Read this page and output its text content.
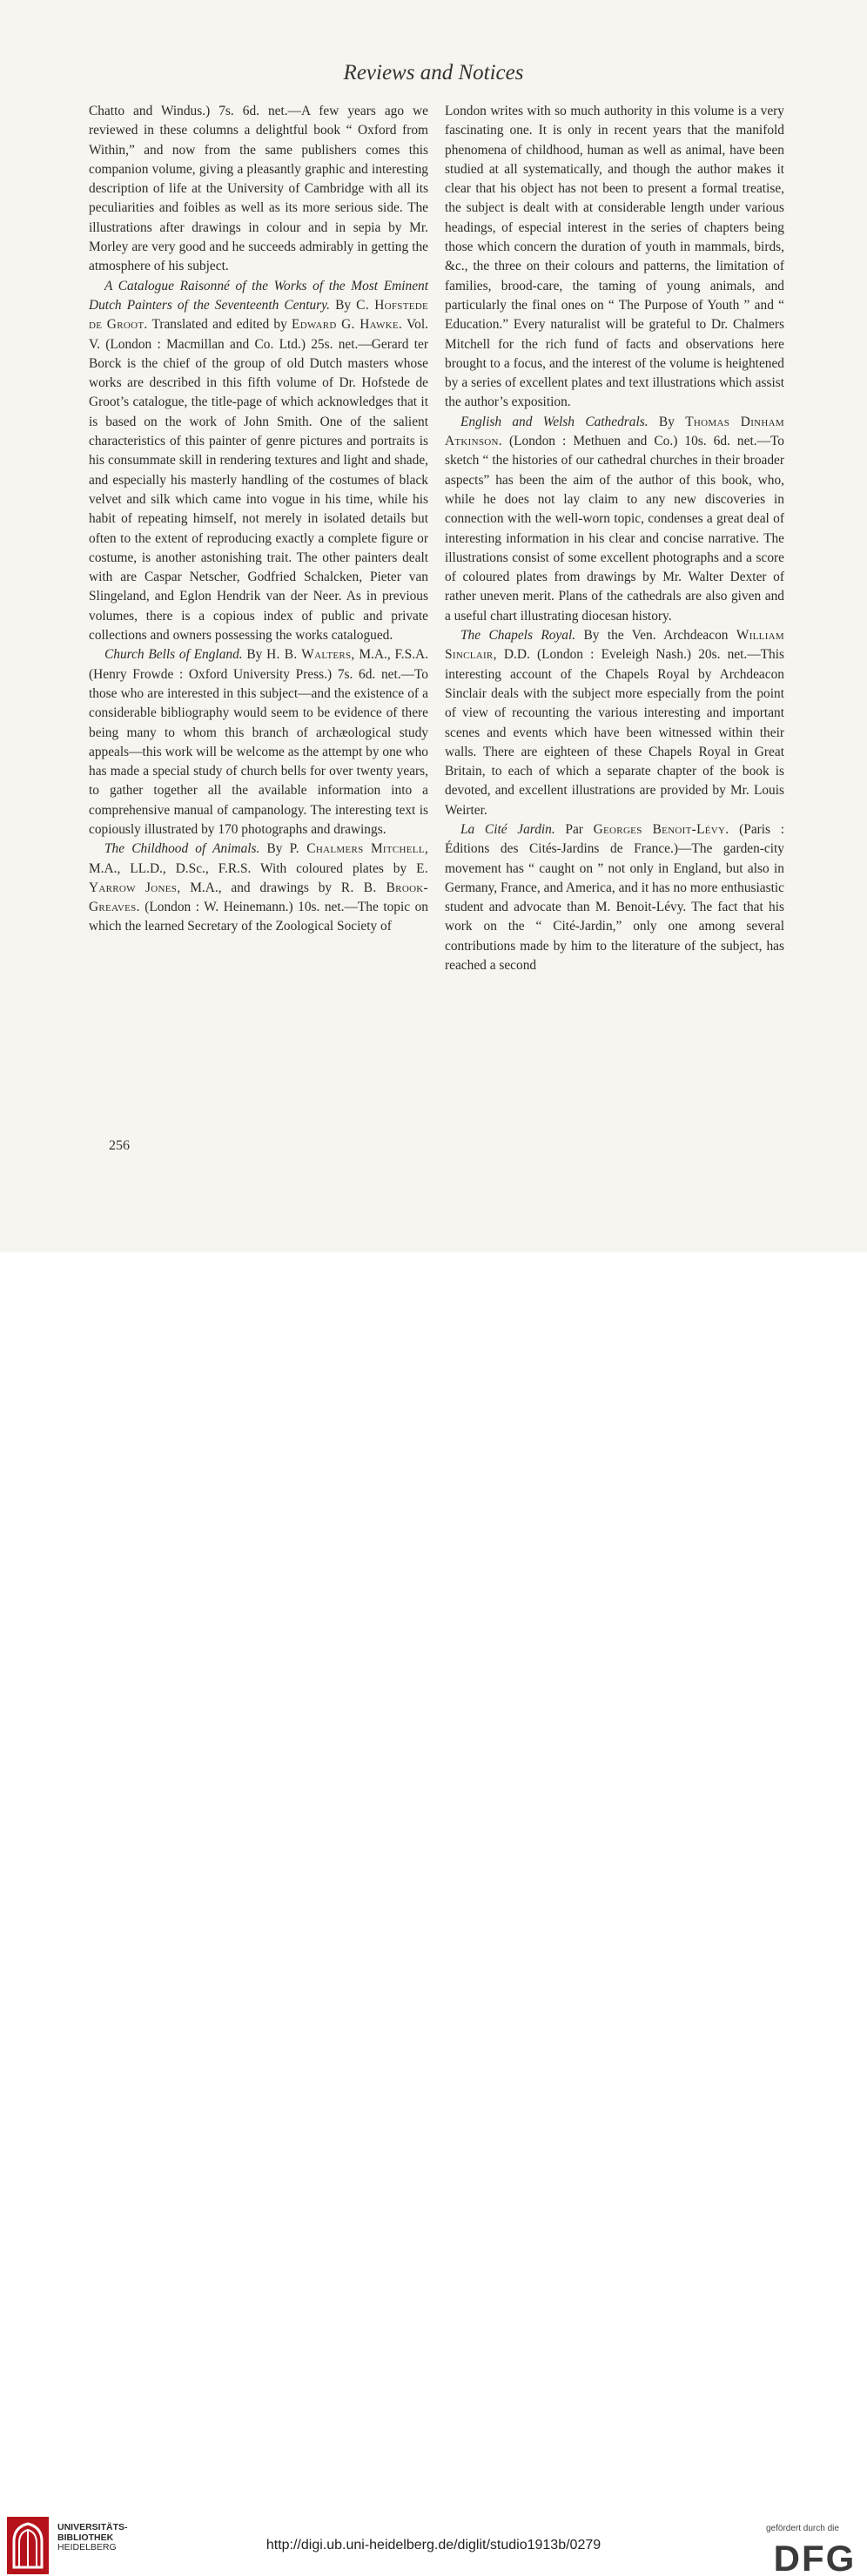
Reviews and Notices

Chatto and Windus.) 7s. 6d. net.—A few years ago we reviewed in these columns a delightful book “ Oxford from Within,” and now from the same publishers comes this companion volume, giving a pleasantly graphic and interesting description of life at the University of Cambridge with all its peculiarities and foibles as well as its more serious side. The illustrations after drawings in colour and in sepia by Mr. Morley are very good and he succeeds admirably in getting the atmosphere of his subject.

A Catalogue Raisonné of the Works of the Most Eminent Dutch Painters of the Seventeenth Century. By C. Hofstede de Groot. Translated and edited by Edward G. Hawke. Vol. V. (London : Macmillan and Co. Ltd.) 25s. net.—Gerard ter Borck is the chief of the group of old Dutch masters whose works are described in this fifth volume of Dr. Hofstede de Groot’s catalogue, the title-page of which acknowledges that it is based on the work of John Smith. One of the salient characteristics of this painter of genre pictures and portraits is his consummate skill in rendering textures and light and shade, and especially his masterly handling of the costumes of black velvet and silk which came into vogue in his time, while his habit of repeating himself, not merely in isolated details but often to the extent of reproducing exactly a complete figure or costume, is another astonishing trait. The other painters dealt with are Caspar Netscher, Godfried Schalcken, Pieter van Slingeland, and Eglon Hendrik van der Neer. As in previous volumes, there is a copious index of public and private collections and owners possessing the works catalogued.

Church Bells of England. By H. B. Walters, M.A., F.S.A. (Henry Frowde : Oxford University Press.) 7s. 6d. net.—To those who are interested in this subject—and the existence of a considerable bibliography would seem to be evidence of there being many to whom this branch of archæological study appeals—this work will be welcome as the attempt by one who has made a special study of church bells for over twenty years, to gather together all the available information into a comprehensive manual of campanology. The interesting text is copiously illustrated by 170 photographs and drawings.

The Childhood of Animals. By P. Chalmers Mitchell, M.A., LL.D., D.Sc., F.R.S. With coloured plates by E. Yarrow Jones, M.A., and drawings by R. B. Brook-Greaves. (London : W. Heinemann.) 10s. net.—The topic on which the learned Secretary of the Zoological Society of

London writes with so much authority in this volume is a very fascinating one. It is only in recent years that the manifold phenomena of childhood, human as well as animal, have been studied at all systematically, and though the author makes it clear that his object has not been to present a formal treatise, the subject is dealt with at considerable length under various headings, of especial interest in the series of chapters being those which concern the duration of youth in mammals, birds, &c., the three on their colours and patterns, the limitation of families, brood-care, the taming of young animals, and particularly the final ones on “ The Purpose of Youth ” and “ Education.” Every naturalist will be grateful to Dr. Chalmers Mitchell for the rich fund of facts and observations here brought to a focus, and the interest of the volume is heightened by a series of excellent plates and text illustrations which assist the author’s exposition.

English and Welsh Cathedrals. By Thomas Dinham Atkinson. (London : Methuen and Co.) 10s. 6d. net.—To sketch “ the histories of our cathedral churches in their broader aspects” has been the aim of the author of this book, who, while he does not lay claim to any new discoveries in connection with the well-worn topic, condenses a great deal of interesting information in his clear and concise narrative. The illustrations consist of some excellent photographs and a score of coloured plates from drawings by Mr. Walter Dexter of rather uneven merit. Plans of the cathedrals are also given and a useful chart illustrating diocesan history.

The Chapels Royal. By the Ven. Archdeacon William Sinclair, D.D. (London : Eveleigh Nash.) 20s. net.—This interesting account of the Chapels Royal by Archdeacon Sinclair deals with the subject more especially from the point of view of recounting the various interesting and important scenes and events which have been witnessed within their walls. There are eighteen of these Chapels Royal in Great Britain, to each of which a separate chapter of the book is devoted, and excellent illustrations are provided by Mr. Louis Weirter.

La Cité Jardin. Par Georges Benoit-Lévy. (Paris : Éditions des Cités-Jardins de France.)—The garden-city movement has “ caught on ” not only in England, but also in Germany, France, and America, and it has no more enthusiastic student and advocate than M. Benoit-Lévy. The fact that his work on the “ Cité-Jardin,” only one among several contributions made by him to the literature of the subject, has reached a second

256
UNIVERSITÄTS-
BIBLIOTHEK
HEIDELBERG	http://digi.ub.uni-heidelberg.de/diglit/studio1913b/0279
gefördert durch die
DFG
